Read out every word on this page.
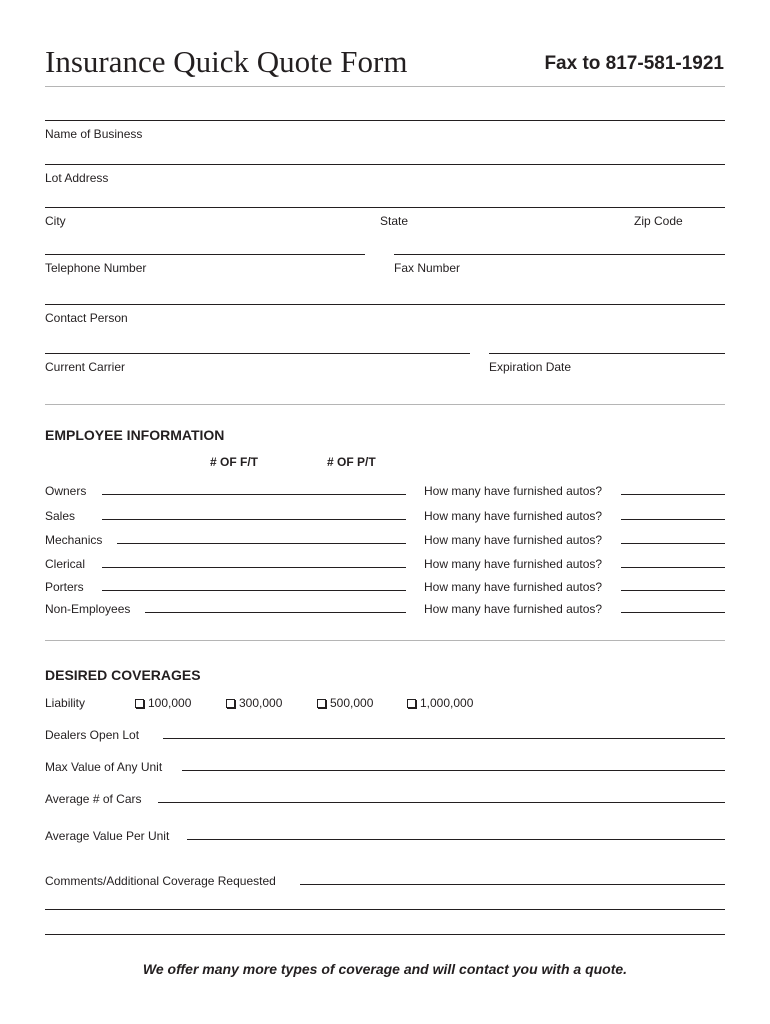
Insurance Quick Quote Form	Fax to 817-581-1921
Name of Business
Lot Address
City	State	Zip Code
Telephone Number	Fax Number
Contact Person
Current Carrier	Expiration Date
EMPLOYEE INFORMATION
# OF F/T	# OF P/T
Owners	How many have furnished autos?
Sales	How many have furnished autos?
Mechanics	How many have furnished autos?
Clerical	How many have furnished autos?
Porters	How many have furnished autos?
Non-Employees	How many have furnished autos?
DESIRED COVERAGES
Liability	100,000	300,000	500,000	1,000,000
Dealers Open Lot
Max Value of Any Unit
Average # of Cars
Average Value Per Unit
Comments/Additional Coverage Requested
We offer many more types of coverage and will contact you with a quote.
